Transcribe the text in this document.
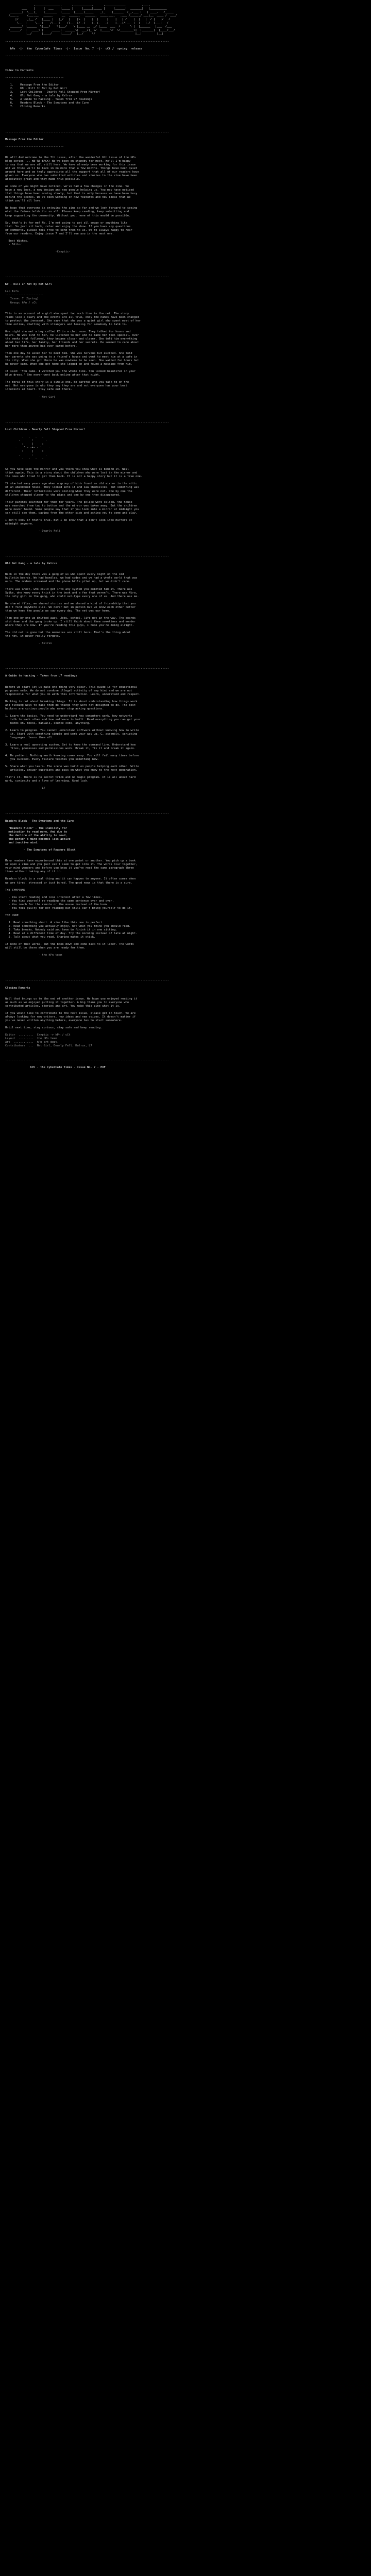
._______________.      .___________.      .____________.         .___.
___    |     |  ___    |_____ |     |_____|_____ |     |______|  _______|   |__________
_______|  \___|_    |_______  |_____  |_____|_____    _|_    |______  /__.___ |   | ____.   /_____
/___._     /___.__   _____.    .__  ._____.   ______.  ____.___.   .___ /_____./ ___|__  ____ /  ___/
|/    ._|__ /   |____ |   |_/   |    |\  |    |  |     |    |   | /    |  |   |  / |   |/   /
\__  |     \__ |    /|__ |    /|__  |/ _|    |_ |_   _|    |_ _|/|__  |  |   |_/  |___|   /
_______\ |______  \|___/    \|___/    \ |____ __  _/ |____  ___  /      \ |  |______   |___  /___
/______/  |   ____\ |     _____|  ______\|  ___/|_ \/  |_____\/  \/________\|  |_______|  |____/___/
|__/      |____/     |_____/   |__/     \/                        |__|         |__|

--------------------------------------------------------------------------------------------------

hPn  -|-  the  CyberCafe  Times  -|-  Issue  No. 7  -|-  cCt /  spring  release

--------------------------------------------------------------------------------------------------

Index to Contents

-----------------------------------

1.    Message From the Editor
2.    K0 - Kill In Net by Net Girl
3.    Lost Children - Dearly Fell Stopped From Mirror!
4.    Old Net Gang - a tale by Kalrux
5.    A Guide to Hacking - Taken from L7 readings
6.    Readers Block - The Symptoms and the Cure
7.    Closing Remarks

--------------------------------------------------------------------------------------------------

Message From the Editor

-----------------------------------

Hi all! And welcome to the 7th issue, after the wonderful 6th issue of the hPn
blog series ... WE'RE BACK! We've been on standby for most. We'll I'm happy
to say that we are all still here. We have already been working for this issue
and we think we'll be back in no more than a few months. Things have been quiet
around here and we truly appreciate all the support that all of our readers have
given us. Everyone who has submitted articles and stories to the zine have been
absolutely great and they made this possible.
As some of you might have noticed, we've had a few changes in the zine. We
have a new look, a new design and new people helping us. You may have noticed
that things have been moving slowly, but that is only because we have been busy
behind the scenes. We've been working on new features and new ideas that we
think you'll all love.
We hope that everyone is enjoying the zine so far and we look forward to seeing
what the future holds for us all. Please keep reading, keep submitting and
keep supporting the community. Without you, none of this would be possible.
So, that's it for me! No, I'm not going to get all soppy or anything like
that. So just sit back, relax and enjoy the show. If you have any questions
or comments, please feel free to send them to us. We're always happy to hear
from our readers. Enjoy issue 7 and I'll see you in the next one.

Best Wishes.
- Editor

-Cryptic-

--------------------------------------------------------------------------------------------------

K0 - Kill In Net by Net Girl

Lab Info
-----------------------
Issue: 7 [Spring]
Group: hPn / cCt

This is an account of a girl who spent too much time in the net. The story
reads like a diary and the events are all true, only the names have been changed
to protect the innocent. She says that she was a quiet girl who spent most of her
time online, chatting with strangers and looking for somebody to talk to.
One night she met a boy called K0 in a chat room. They talked for hours and
hours. He was kind to her, he listened to her and he made her feel special. Over
the weeks that followed, they became closer and closer. She told him everything
about her life, her family, her friends and her secrets. He seemed to care about
her more than anyone had ever cared before.
Then one day he asked her to meet him. She was nervous but excited. She told
her parents she was going to a friend's house and went to meet him at a cafe in
the city. When she got there he was nowhere to be seen. She waited for hours but
he never came. When she got home she logged on and found a message from him.
It said: 'You came. I watched you the whole time. You looked beautiful in your
blue dress.' She never went back online after that night.
The moral of this story is a simple one. Be careful who you talk to on the
net. Not everyone is who they say they are and not everyone has your best
interests at heart. Stay safe out there.

- Net Girl

--------------------------------------------------------------------------------------------------

Lost Children - Dearly Fell Stopped From Mirror!

.   .   .   .
.       :       .
:     |     :
.    ' - -+- - '    .
:     |     :
.       :       .
.   .   .   .

So you have seen the mirror and you think you know what is behind it. Well
think again. This is a story about the children who were lost in the mirror and
the ones who tried to get them back. It is not a happy story but it is a true one.
It started many years ago when a group of kids found an old mirror in the attic
of an abandoned house. They looked into it and saw themselves, but something was
different. Their reflections were smiling when they were not. One by one the
children stepped closer to the glass and one by one they disappeared.
Their parents searched for them for years. The police were called, the house
was searched from top to bottom and the mirror was taken away. But the children
were never found. Some people say that if you look into a mirror at midnight you
can still see them, waving from the other side and asking you to come and play.
I don't know if that's true. But I do know that I don't look into mirrors at
midnight anymore.

- Dearly Fell

--------------------------------------------------------------------------------------------------

Old Net Gang - a tale by Kalrux

Back in the day there was a gang of us who spent every night on the old
bulletin boards. We had handles, we had codes and we had a whole world that was
ours. The modems screamed and the phone bills piled up, but we didn't care.
There was Ghost, who could get into any system you pointed him at. There was
Spike, who knew every trick in the book and a few that weren't. There was Mira,
the only girl in the gang, who could out-type every one of us. And there was me.
We shared files, we shared stories and we shared a kind of friendship that you
don't find anywhere else. We never met in person but we knew each other better
than we knew the people we saw every day. The net was our home.
Then one by one we drifted away. Jobs, school, life got in the way. The boards
shut down and the gang broke up. I still think about them sometimes and wonder
where they are now. If you're reading this guys, I hope you're doing alright.
The old net is gone but the memories are still here. That's the thing about
the net, it never really forgets.

- Kalrux

--------------------------------------------------------------------------------------------------

A Guide to Hacking - Taken from L7 readings

Before we start let us make one thing very clear. This guide is for educational
purposes only. We do not condone illegal activity of any kind and we are not
responsible for what you do with this information. Learn, understand and respect.
Hacking is not about breaking things. It is about understanding how things work
and finding ways to make them do things they were not designed to do. The best
hackers are curious people who never stop asking questions.
1. Learn the basics. You need to understand how computers work, how networks
talk to each other and how software is built. Read everything you can get your
hands on. Books, manuals, source code, anything.
2. Learn to program. You cannot understand software without knowing how to write
it. Start with something simple and work your way up. C, assembly, scripting
languages, learn them all.
3. Learn a real operating system. Get to know the command line. Understand how
files, processes and permissions work. Break it, fix it and break it again.
4. Be patient. Nothing worth knowing comes easy. You will fail many times before
you succeed. Every failure teaches you something new.
5. Share what you learn. The scene was built on people helping each other. Write
articles, answer questions and pass on what you know to the next generation.
That's it. There is no secret trick and no magic program. It is all about hard
work, curiosity and a love of learning. Good luck.

- L7

--------------------------------------------------------------------------------------------------

Readers Block - The Symptoms and the Cure

"Readers Block" - The inability for
motivation to read more. And due to
the decline of the ability to read,
the person's mind becomes less active
and inactive mind.

- The Symptoms of Readers Block

Many readers have experienced this at one point or another. You pick up a book
or open a zine and you just can't seem to get into it. The words blur together,
your mind wanders and before you know it you've read the same paragraph three
times without taking any of it in.
Readers block is a real thing and it can happen to anyone. It often comes when
we are tired, stressed or just bored. The good news is that there is a cure.
THE SYMPTOMS
- You start reading and lose interest after a few lines.
- You find yourself re-reading the same sentence over and over.
- You reach for the remote or the mouse instead of the book.
- You feel guilty for not reading but still can't bring yourself to do it.
THE CURE
1. Read something short. A zine like this one is perfect.
2. Read something you actually enjoy, not what you think you should read.
3. Take breaks. Nobody said you have to finish it in one sitting.
4. Read at a different time of day. Try the morning instead of late at night.
5. Talk about what you read. Sharing makes it stick.
If none of that works, put the book down and come back to it later. The words
will still be there when you are ready for them.

- the hPn team

--------------------------------------------------------------------------------------------------

Closing Remarks

Well that brings us to the end of another issue. We hope you enjoyed reading it
as much as we enjoyed putting it together. A big thank you to everyone who
contributed articles, stories and art. You make this zine what it is.
If you would like to contribute to the next issue, please get in touch. We are
always looking for new writers, new ideas and new voices. It doesn't matter if
you've never written anything before, everyone has to start somewhere.
Until next time, stay curious, stay safe and keep reading.

Editor  .........  Cryptic -> hPn / cCt
Layout  .........  the hPn team
Art  ............  hPn art dept.
Contributors  ...  Net Girl, Dearly Fell, Kalrux, L7

--------------------------------------------------------------------------------------------------

hPn - the CyberCafe Times - Issue No. 7 - EOF
